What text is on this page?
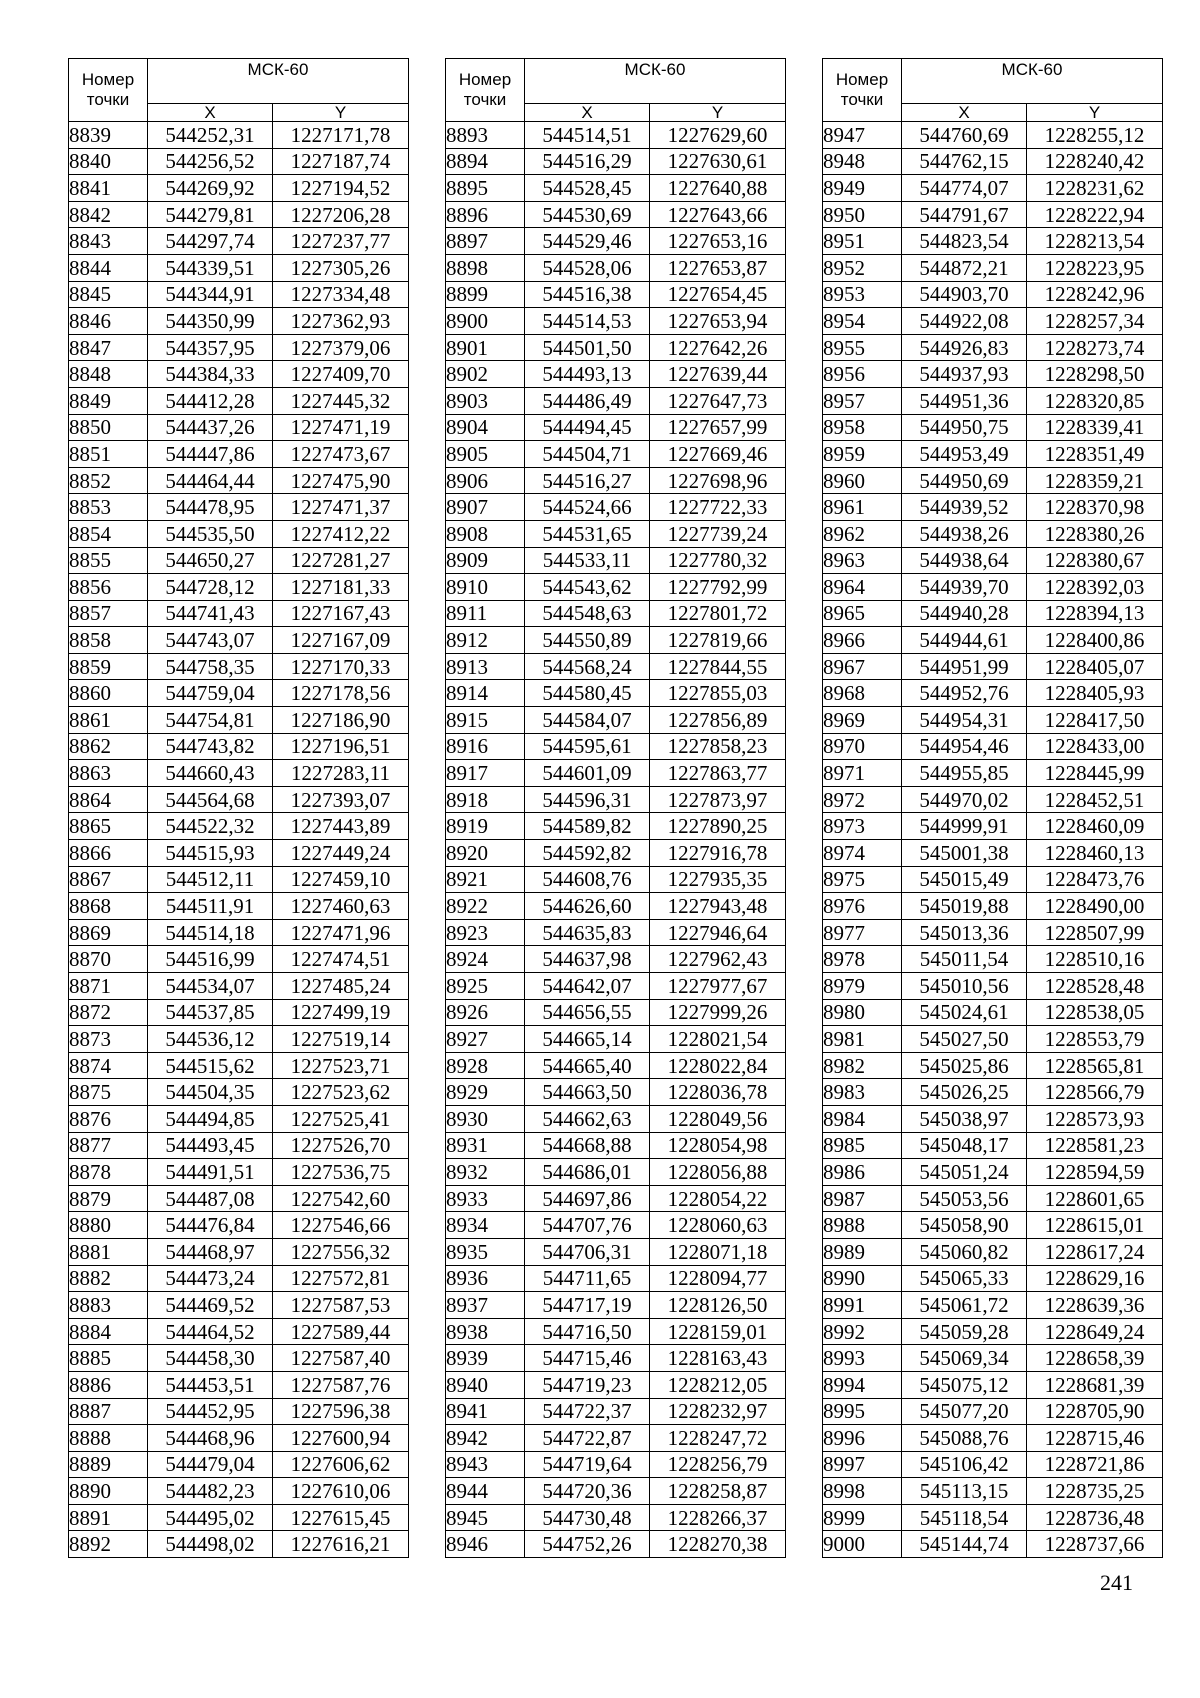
Номер
точки	МСК-60	
	X	Y
8839	544252,31	1227171,78
8840	544256,52	1227187,74
8841	544269,92	1227194,52
8842	544279,81	1227206,28
8843	544297,74	1227237,77
8844	544339,51	1227305,26
8845	544344,91	1227334,48
8846	544350,99	1227362,93
8847	544357,95	1227379,06
8848	544384,33	1227409,70
8849	544412,28	1227445,32
8850	544437,26	1227471,19
8851	544447,86	1227473,67
8852	544464,44	1227475,90
8853	544478,95	1227471,37
8854	544535,50	1227412,22
8855	544650,27	1227281,27
8856	544728,12	1227181,33
8857	544741,43	1227167,43
8858	544743,07	1227167,09
8859	544758,35	1227170,33
8860	544759,04	1227178,56
8861	544754,81	1227186,90
8862	544743,82	1227196,51
8863	544660,43	1227283,11
8864	544564,68	1227393,07
8865	544522,32	1227443,89
8866	544515,93	1227449,24
8867	544512,11	1227459,10
8868	544511,91	1227460,63
8869	544514,18	1227471,96
8870	544516,99	1227474,51
8871	544534,07	1227485,24
8872	544537,85	1227499,19
8873	544536,12	1227519,14
8874	544515,62	1227523,71
8875	544504,35	1227523,62
8876	544494,85	1227525,41
8877	544493,45	1227526,70
8878	544491,51	1227536,75
8879	544487,08	1227542,60
8880	544476,84	1227546,66
8881	544468,97	1227556,32
8882	544473,24	1227572,81
8883	544469,52	1227587,53
8884	544464,52	1227589,44
8885	544458,30	1227587,40
8886	544453,51	1227587,76
8887	544452,95	1227596,38
8888	544468,96	1227600,94
8889	544479,04	1227606,62
8890	544482,23	1227610,06
8891	544495,02	1227615,45
8892	544498,02	1227616,21
Номер
точки	МСК-60	
	X	Y
8893	544514,51	1227629,60
8894	544516,29	1227630,61
8895	544528,45	1227640,88
8896	544530,69	1227643,66
8897	544529,46	1227653,16
8898	544528,06	1227653,87
8899	544516,38	1227654,45
8900	544514,53	1227653,94
8901	544501,50	1227642,26
8902	544493,13	1227639,44
8903	544486,49	1227647,73
8904	544494,45	1227657,99
8905	544504,71	1227669,46
8906	544516,27	1227698,96
8907	544524,66	1227722,33
8908	544531,65	1227739,24
8909	544533,11	1227780,32
8910	544543,62	1227792,99
8911	544548,63	1227801,72
8912	544550,89	1227819,66
8913	544568,24	1227844,55
8914	544580,45	1227855,03
8915	544584,07	1227856,89
8916	544595,61	1227858,23
8917	544601,09	1227863,77
8918	544596,31	1227873,97
8919	544589,82	1227890,25
8920	544592,82	1227916,78
8921	544608,76	1227935,35
8922	544626,60	1227943,48
8923	544635,83	1227946,64
8924	544637,98	1227962,43
8925	544642,07	1227977,67
8926	544656,55	1227999,26
8927	544665,14	1228021,54
8928	544665,40	1228022,84
8929	544663,50	1228036,78
8930	544662,63	1228049,56
8931	544668,88	1228054,98
8932	544686,01	1228056,88
8933	544697,86	1228054,22
8934	544707,76	1228060,63
8935	544706,31	1228071,18
8936	544711,65	1228094,77
8937	544717,19	1228126,50
8938	544716,50	1228159,01
8939	544715,46	1228163,43
8940	544719,23	1228212,05
8941	544722,37	1228232,97
8942	544722,87	1228247,72
8943	544719,64	1228256,79
8944	544720,36	1228258,87
8945	544730,48	1228266,37
8946	544752,26	1228270,38
Номер
точки	МСК-60	
	X	Y
8947	544760,69	1228255,12
8948	544762,15	1228240,42
8949	544774,07	1228231,62
8950	544791,67	1228222,94
8951	544823,54	1228213,54
8952	544872,21	1228223,95
8953	544903,70	1228242,96
8954	544922,08	1228257,34
8955	544926,83	1228273,74
8956	544937,93	1228298,50
8957	544951,36	1228320,85
8958	544950,75	1228339,41
8959	544953,49	1228351,49
8960	544950,69	1228359,21
8961	544939,52	1228370,98
8962	544938,26	1228380,26
8963	544938,64	1228380,67
8964	544939,70	1228392,03
8965	544940,28	1228394,13
8966	544944,61	1228400,86
8967	544951,99	1228405,07
8968	544952,76	1228405,93
8969	544954,31	1228417,50
8970	544954,46	1228433,00
8971	544955,85	1228445,99
8972	544970,02	1228452,51
8973	544999,91	1228460,09
8974	545001,38	1228460,13
8975	545015,49	1228473,76
8976	545019,88	1228490,00
8977	545013,36	1228507,99
8978	545011,54	1228510,16
8979	545010,56	1228528,48
8980	545024,61	1228538,05
8981	545027,50	1228553,79
8982	545025,86	1228565,81
8983	545026,25	1228566,79
8984	545038,97	1228573,93
8985	545048,17	1228581,23
8986	545051,24	1228594,59
8987	545053,56	1228601,65
8988	545058,90	1228615,01
8989	545060,82	1228617,24
8990	545065,33	1228629,16
8991	545061,72	1228639,36
8992	545059,28	1228649,24
8993	545069,34	1228658,39
8994	545075,12	1228681,39
8995	545077,20	1228705,90
8996	545088,76	1228715,46
8997	545106,42	1228721,86
8998	545113,15	1228735,25
8999	545118,54	1228736,48
9000	545144,74	1228737,66
241
